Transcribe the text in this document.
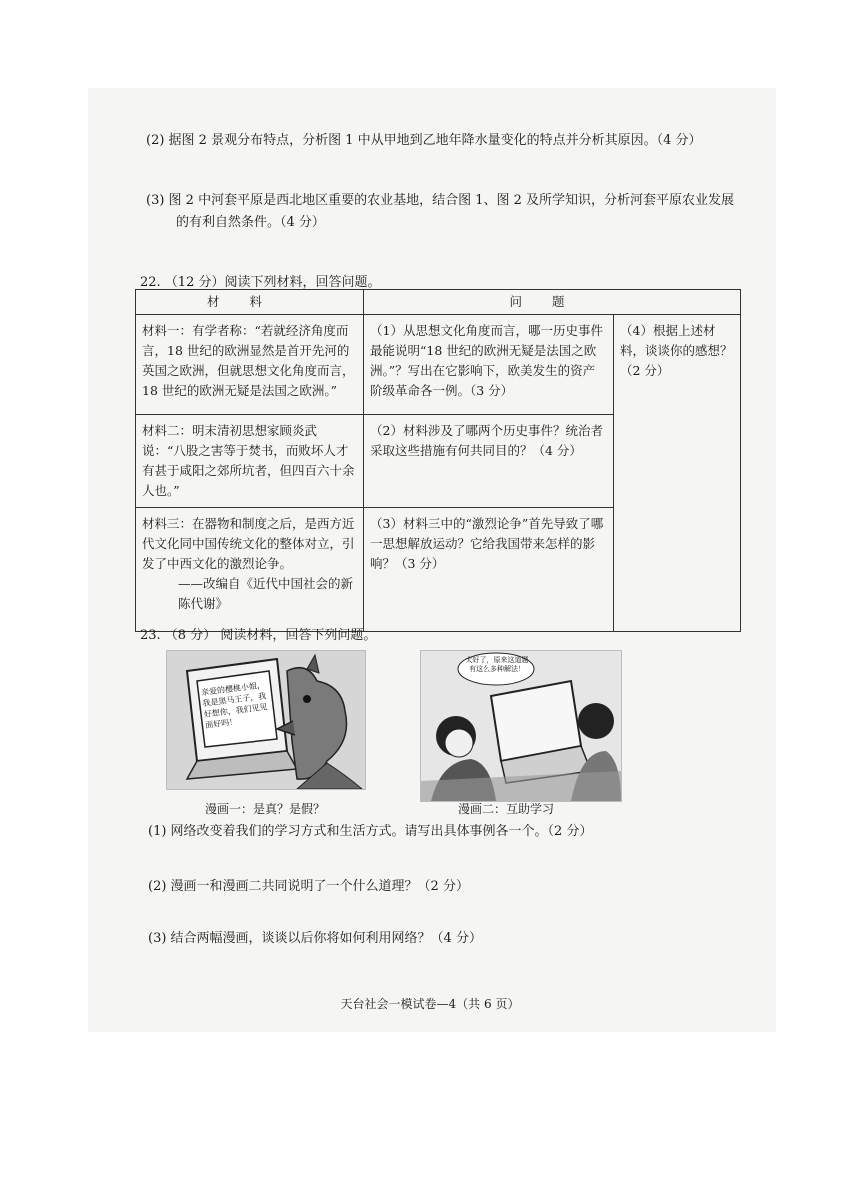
(2) 据图 2 景观分布特点，分析图 1 中从甲地到乙地年降水量变化的特点并分析其原因。（4 分）
(3) 图 2 中河套平原是西北地区重要的农业基地，结合图 1、图 2 及所学知识，分析河套平原农业发展
的有利自然条件。（4 分）
22. （12 分）阅读下列材料，回答问题。
材料	问题	
材料一：有学者称：“若就经济角度而言，18 世纪的欧洲显然是首开先河的英国之欧洲，但就思想文化角度而言，18 世纪的欧洲无疑是法国之欧洲。”	（1）从思想文化角度而言，哪一历史事件最能说明“18 世纪的欧洲无疑是法国之欧洲。”？写出在它影响下，欧美发生的资产阶级革命各一例。（3 分）	（4）根据上述材料，谈谈你的感想？（2 分）
材料二：明末清初思想家顾炎武说：“八股之害等于焚书，而败坏人才有甚于咸阳之郊所坑者，但四百六十余人也。”	（2）材料涉及了哪两个历史事件？统治者采取这些措施有何共同目的？（4 分）	
材料三：在器物和制度之后，是西方近代文化同中国传统文化的整体对立，引发了中西文化的激烈论争。
——改编自《近代中国社会的新陈代谢》	（3）材料三中的“激烈论争”首先导致了哪一思想解放运动？它给我国带来怎样的影响？（3 分）	
23. （8 分） 阅读材料，回答下列问题。
亲爱的樱桃小姐，我是黑马王子，我好想你，我们见见面好吗！
太好了，原来这道题有这么多种解法！
漫画一：是真？是假？	漫画二：互助学习
(1) 网络改变着我们的学习方式和生活方式。请写出具体事例各一个。（2 分）
(2) 漫画一和漫画二共同说明了一个什么道理？（2 分）
(3) 结合两幅漫画，谈谈以后你将如何利用网络？（4 分）
天台社会一模试卷—4（共 6 页）
